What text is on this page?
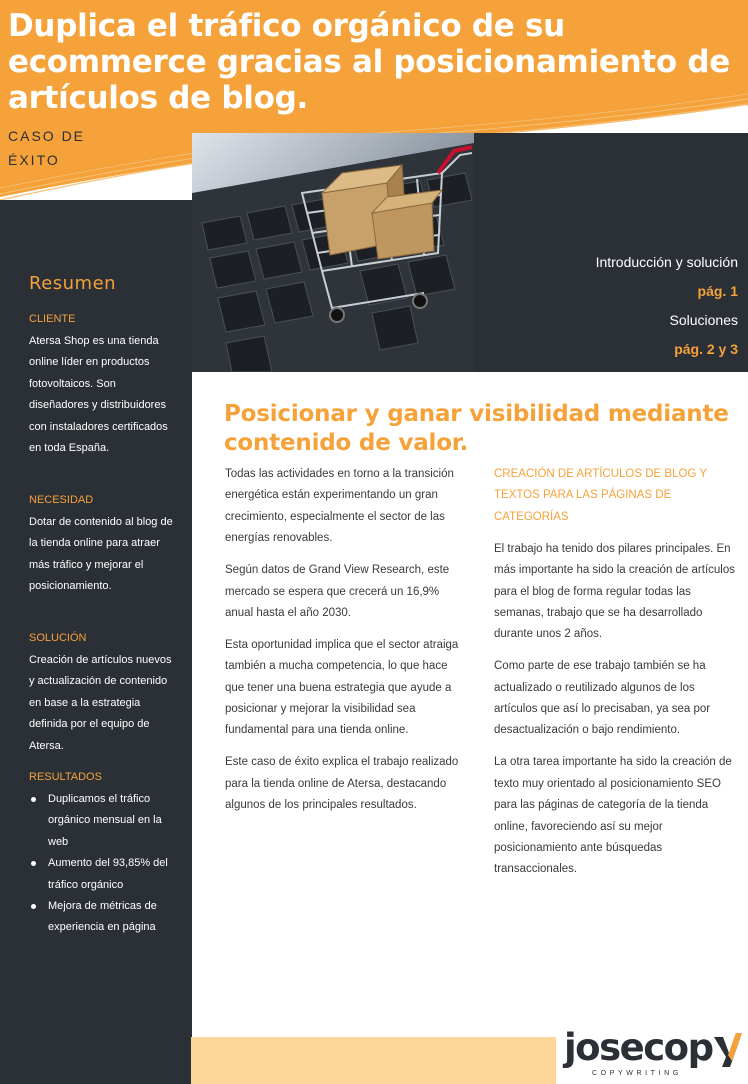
Duplica el tráfico orgánico de su ecommerce gracias al posicionamiento de artículos de blog.
CASO DE ÉXITO
Introducción y solución
pág. 1
Soluciones
pág. 2 y 3
Resumen
CLIENTE
Atersa Shop es una tienda online líder en productos fotovoltaicos. Son diseñadores y distribuidores con instaladores certificados en toda España.
NECESIDAD
Dotar de contenido al blog de la tienda online para atraer más tráfico y mejorar el posicionamiento.
SOLUCIÓN
Creación de artículos nuevos y actualización de contenido en base a la estrategia definida por el equipo de Atersa.
RESULTADOS
Duplicamos el tráfico orgánico mensual en la web
Aumento del 93,85% del tráfico orgánico
Mejora de métricas de experiencia en página
Posicionar y ganar visibilidad mediante contenido de valor.

Todas las actividades en torno a la transición energética están experimentando un gran crecimiento, especialmente el sector de las energías renovables.

Según datos de Grand View Research, este mercado se espera que crecerá un 16,9% anual hasta el año 2030.

Esta oportunidad implica que el sector atraiga también a mucha competencia, lo que hace que tener una buena estrategia que ayude a posicionar y mejorar la visibilidad sea fundamental para una tienda online.

Este caso de éxito explica el trabajo realizado para la tienda online de Atersa, destacando algunos de los principales resultados.

CREACIÓN DE ARTÍCULOS DE BLOG Y TEXTOS PARA LAS PÁGINAS DE CATEGORÍAS

El trabajo ha tenido dos pilares principales. En más importante ha sido la creación de artículos para el blog de forma regular todas las semanas, trabajo que se ha desarrollado durante unos 2 años.

Como parte de ese trabajo también se ha actualizado o reutilizado algunos de los artículos que así lo precisaban, ya sea por desactualización o bajo rendimiento.

La otra tarea importante ha sido la creación de texto muy orientado al posicionamiento SEO para las páginas de categoría de la tienda online, favoreciendo así su mejor posicionamiento ante búsquedas transaccionales.

josecop
COPYWRITING
